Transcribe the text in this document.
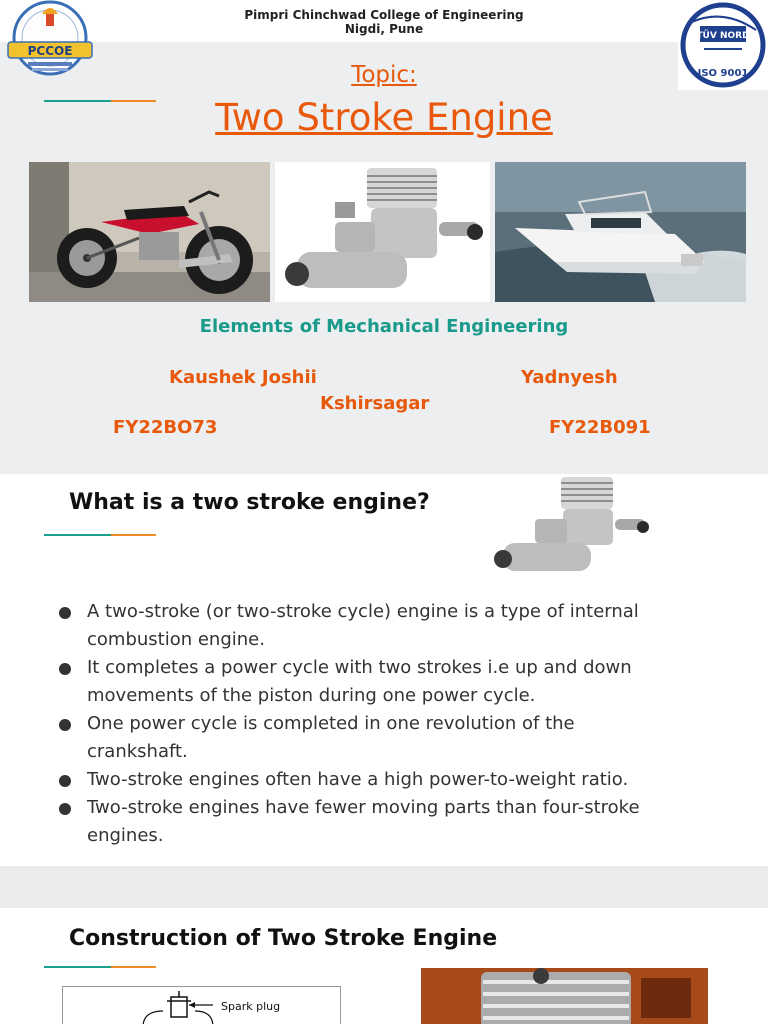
Pimpri Chinchwad College of Engineering
Nigdi, Pune
PCCOE
TÜV NORD
ISO 9001
Topic:
Two Stroke Engine
Elements of Mechanical Engineering
Kaushek Joshii	Yadnyesh
Kshirsagar
FY22BO73	FY22B091
What is a two stroke engine?
A two-stroke (or two-stroke cycle) engine is a type of internal combustion engine.
It completes a power cycle with two strokes i.e up and down movements of the piston during one power cycle.
One power cycle is completed in one revolution of the crankshaft.
Two-stroke engines often have a high power-to-weight ratio.
Two-stroke engines have fewer moving parts than four-stroke engines.
Construction of Two Stroke Engine
Spark plug
